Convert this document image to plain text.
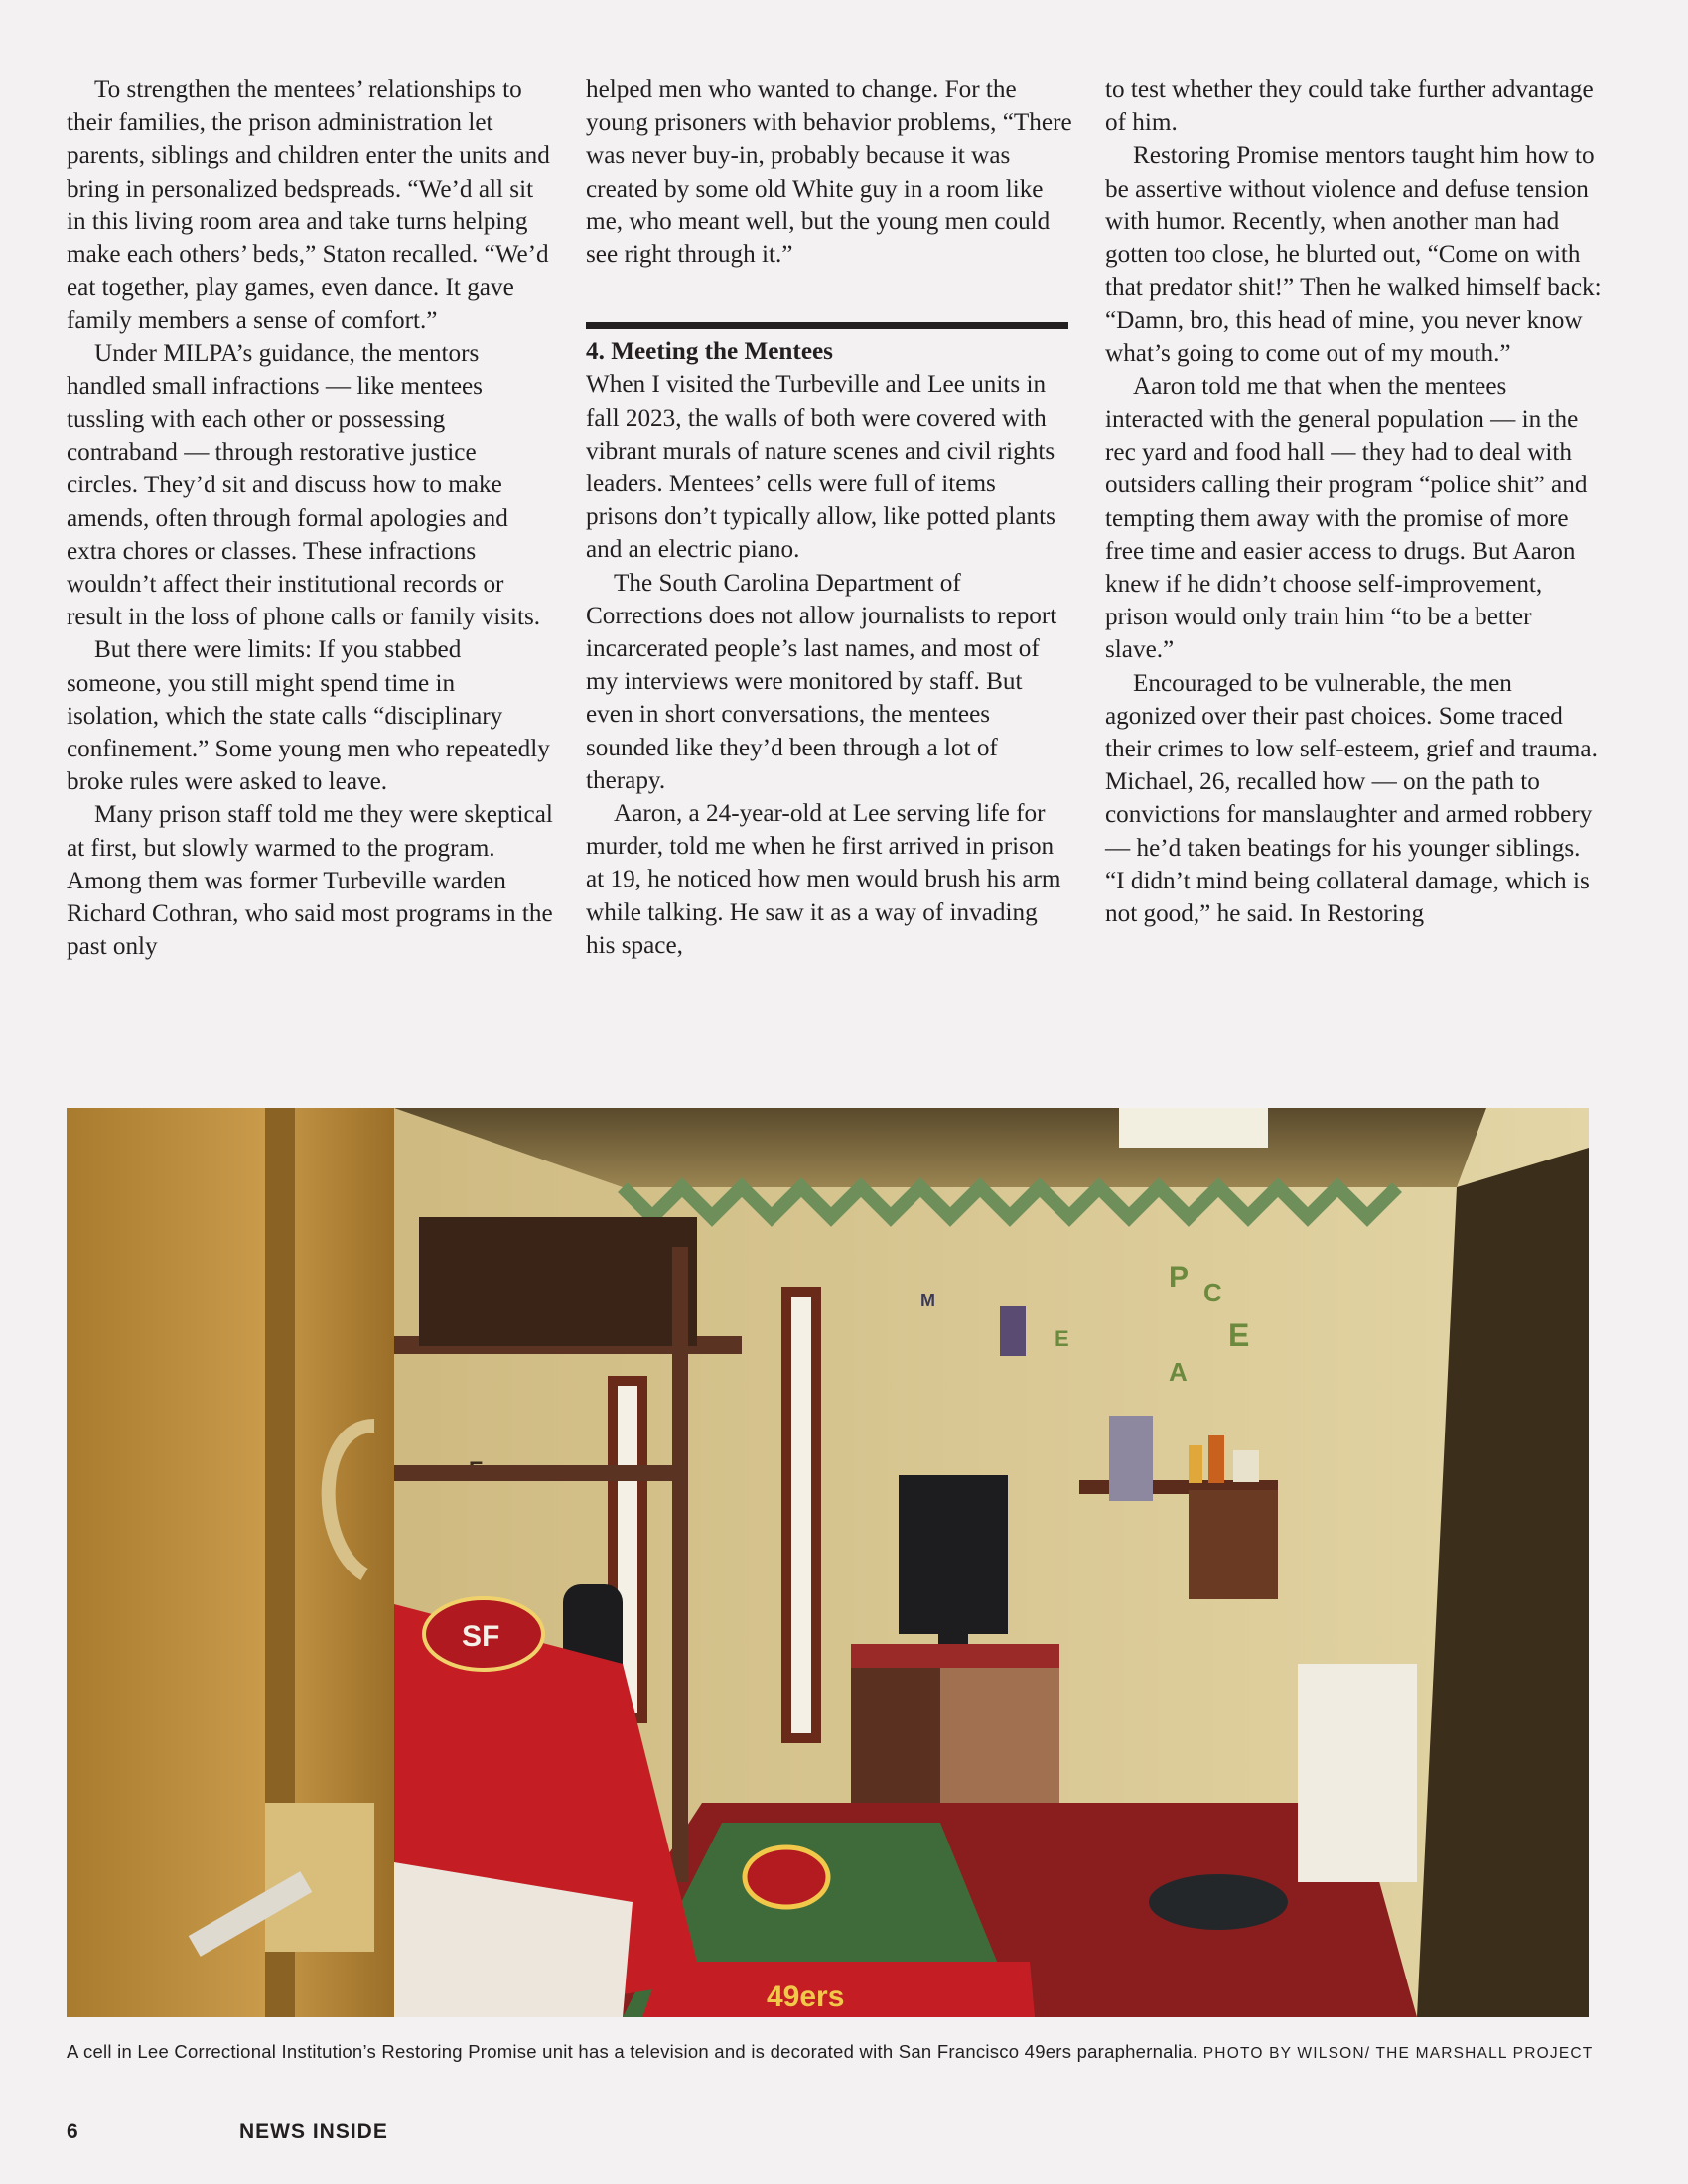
To strengthen the mentees’ relationships to their families, the prison administration let parents, siblings and children enter the units and bring in personalized bedspreads. “We’d all sit in this living room area and take turns helping make each others’ beds,” Staton recalled. “We’d eat together, play games, even dance. It gave family members a sense of comfort.”

Under MILPA’s guidance, the mentors handled small infractions — like mentees tussling with each other or possessing contraband — through restorative justice circles. They’d sit and discuss how to make amends, often through formal apologies and extra chores or classes. These infractions wouldn’t affect their institutional records or result in the loss of phone calls or family visits.

But there were limits: If you stabbed someone, you still might spend time in isolation, which the state calls “disciplinary confinement.” Some young men who repeatedly broke rules were asked to leave.

Many prison staff told me they were skeptical at first, but slowly warmed to the program. Among them was former Turbeville warden Richard Cothran, who said most programs in the past only

helped men who wanted to change. For the young prisoners with behavior problems, “There was never buy-in, probably because it was created by some old White guy in a room like me, who meant well, but the young men could see right through it.”

4. Meeting the Mentees

When I visited the Turbeville and Lee units in fall 2023, the walls of both were covered with vibrant murals of nature scenes and civil rights leaders. Mentees’ cells were full of items prisons don’t typically allow, like potted plants and an electric piano.

The South Carolina Department of Corrections does not allow journalists to report incarcerated people’s last names, and most of my interviews were monitored by staff. But even in short conversations, the mentees sounded like they’d been through a lot of therapy.

Aaron, a 24-year-old at Lee serving life for murder, told me when he first arrived in prison at 19, he noticed how men would brush his arm while talking. He saw it as a way of invading his space,

to test whether they could take further advantage of him.

Restoring Promise mentors taught him how to be assertive without violence and defuse tension with humor. Recently, when another man had gotten too close, he blurted out, “Come on with that predator shit!” Then he walked himself back: “Damn, bro, this head of mine, you never know what’s going to come out of my mouth.”

Aaron told me that when the mentees interacted with the general population — in the rec yard and food hall — they had to deal with outsiders calling their program “police shit” and tempting them away with the promise of more free time and easier access to drugs. But Aaron knew if he didn’t choose self-improvement, prison would only train him “to be a better slave.”

Encouraged to be vulnerable, the men agonized over their past choices. Some traced their crimes to low self-esteem, grief and trauma. Michael, 26, recalled how — on the path to convictions for manslaughter and armed robbery — he’d taken beatings for his younger siblings. “I didn’t mind being collateral damage, which is not good,” he said. In Restoring

P C
E
A
E
M
49ers
SF
A cell in Lee Correctional Institution’s Restoring Promise unit has a television and is decorated with San Francisco 49ers paraphernalia. PHOTO BY WILSON/ THE MARSHALL PROJECT
6	NEWS INSIDE
